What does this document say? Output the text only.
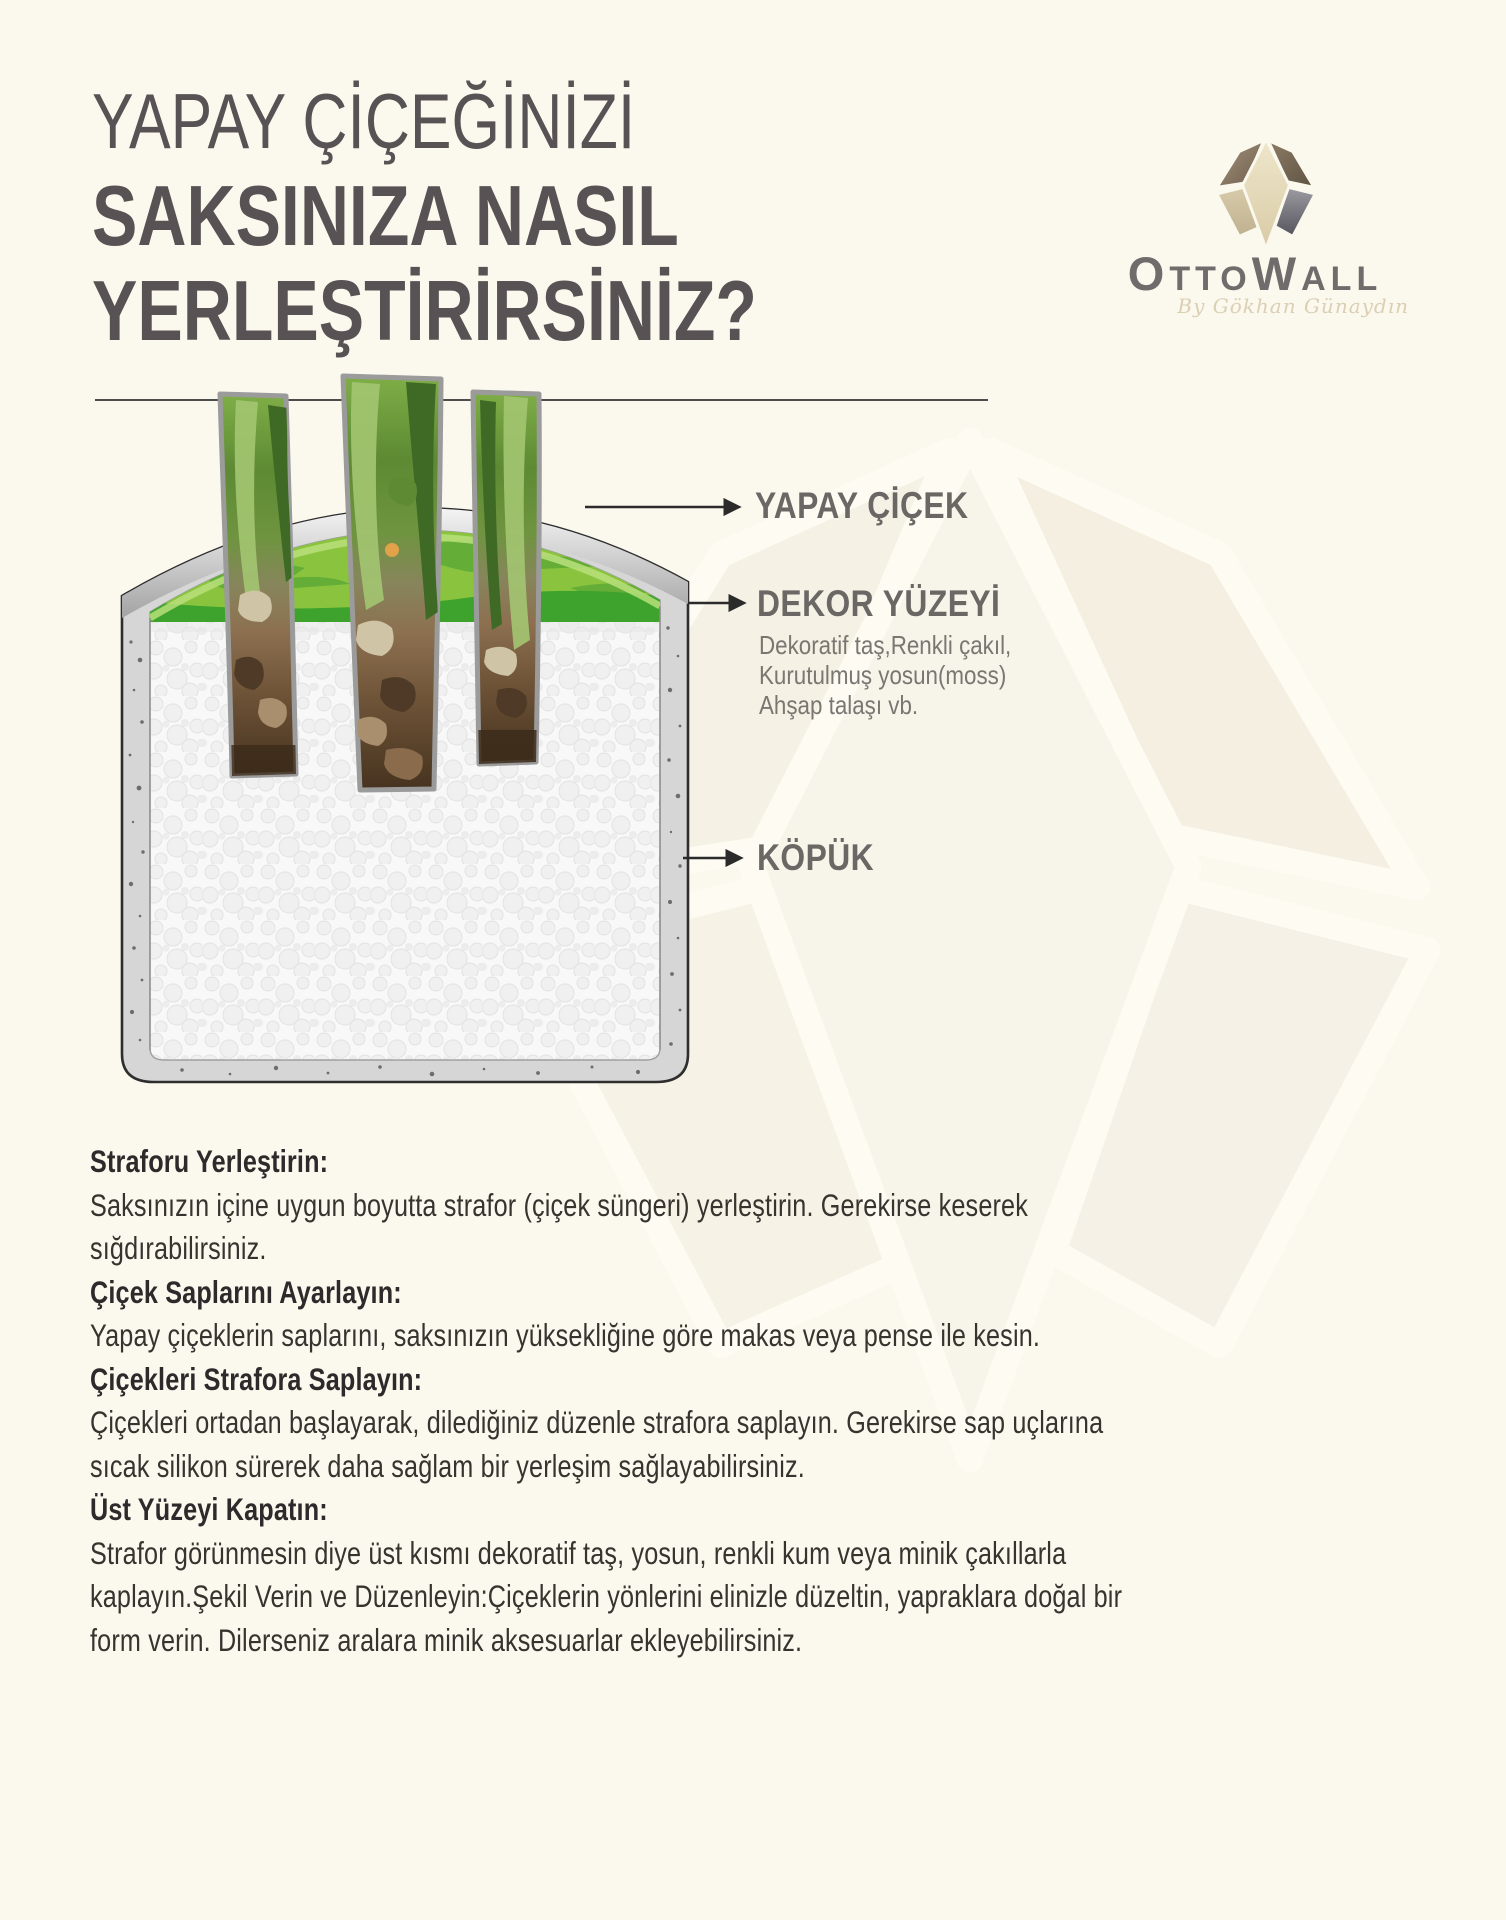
YAPAY ÇİÇEĞİNİZİ
SAKSINIZA NASIL
YERLEŞTİRİRSİNİZ?	OTTOWALL
By Gökhan Günaydın
YAPAY ÇİÇEK
DEKOR YÜZEYİ
Dekoratif taş,Renkli çakıl,
Kurutulmuş yosun(moss)
Ahşap talaşı vb.
KÖPÜK
Straforu Yerleştirin:
Saksınızın içine uygun boyutta strafor (çiçek süngeri) yerleştirin. Gerekirse keserek sığdırabilirsiniz.
Çiçek Saplarını Ayarlayın:
Yapay çiçeklerin saplarını, saksınızın yüksekliğine göre makas veya pense ile kesin.
Çiçekleri Strafora Saplayın:
Çiçekleri ortadan başlayarak, dilediğiniz düzenle strafora saplayın. Gerekirse sap uçlarına sıcak silikon sürerek daha sağlam bir yerleşim sağlayabilirsiniz.
Üst Yüzeyi Kapatın:
Strafor görünmesin diye üst kısmı dekoratif taş, yosun, renkli kum veya minik çakıllarla kaplayın.Şekil Verin ve Düzenleyin:Çiçeklerin yönlerini elinizle düzeltin, yapraklara doğal bir form verin. Dilerseniz aralara minik aksesuarlar ekleyebilirsiniz.
